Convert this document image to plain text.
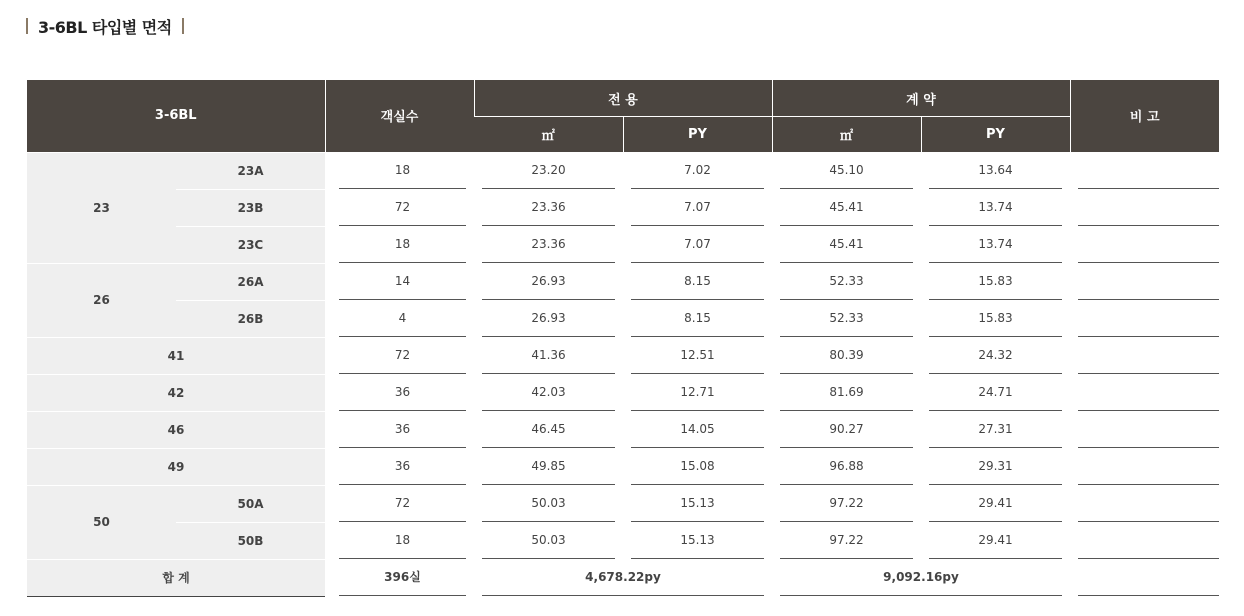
3-6BL 타입별 면적
3-6BL		객실수	전 용		계 약		비 고
			㎡	PY	㎡	PY	
23	23A	18	23.20	7.02	45.10	13.64	

	23B	72	23.36	7.07	45.41	13.74	

	23C	18	23.36	7.07	45.41	13.74	

26	26A	14	26.93	8.15	52.33	15.83	

	26B	4	26.93	8.15	52.33	15.83	

41		72	41.36	12.51	80.39	24.32	

42		36	42.03	12.71	81.69	24.71	

46		36	46.45	14.05	90.27	27.31	

49		36	49.85	15.08	96.88	29.31	

50	50A	72	50.03	15.13	97.22	29.41	

	50B	18	50.03	15.13	97.22	29.41	

합 계		396실	4,678.22py		9,092.16py		
